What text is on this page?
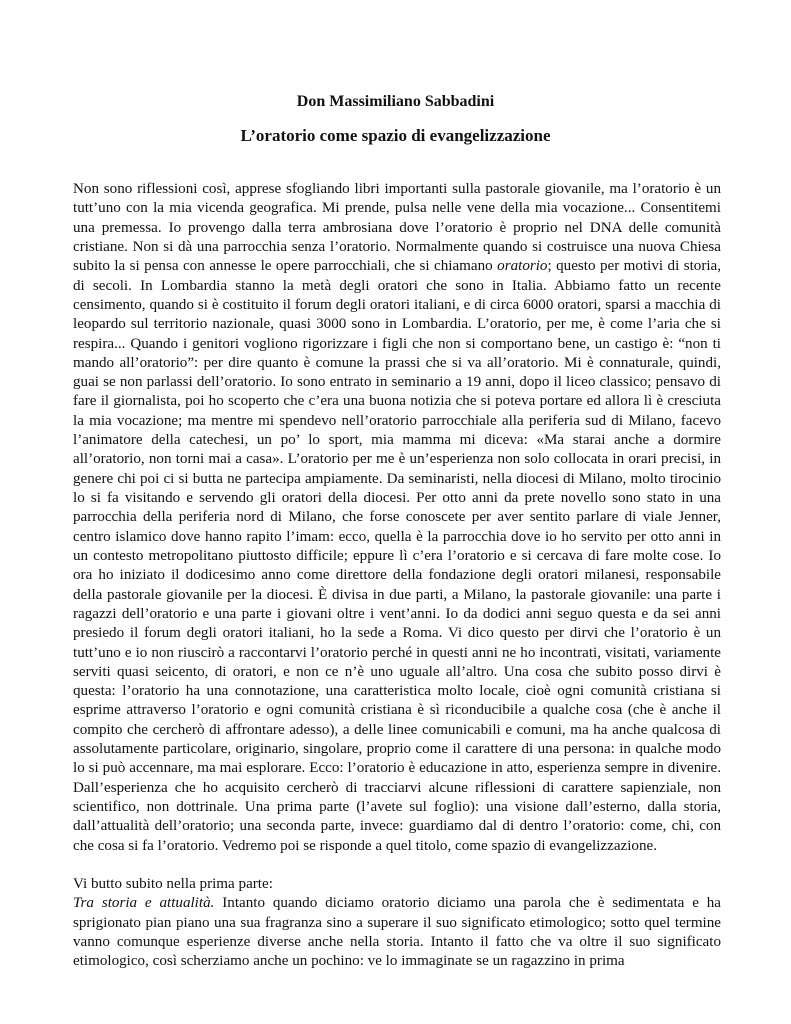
Don Massimiliano Sabbadini
L’oratorio come spazio di evangelizzazione

Non sono riflessioni così, apprese sfogliando libri importanti sulla pastorale giovanile, ma l’oratorio è un tutt’uno con la mia vicenda geografica. Mi prende, pulsa nelle vene della mia vocazione... Consentitemi una premessa. Io provengo dalla terra ambrosiana dove l’oratorio è proprio nel DNA delle comunità cristiane. Non si dà una parrocchia senza l’oratorio. Normalmente quando si costruisce una nuova Chiesa subito la si pensa con annesse le opere parrocchiali, che si chiamano oratorio; questo per motivi di storia, di secoli. In Lombardia stanno la metà degli oratori che sono in Italia. Abbiamo fatto un recente censimento, quando si è costituito il forum degli oratori italiani, e di circa 6000 oratori, sparsi a macchia di leopardo sul territorio nazionale, quasi 3000 sono in Lombardia. L’oratorio, per me, è come l’aria che si respira... Quando i genitori vogliono rigorizzare i figli che non si comportano bene, un castigo è: “non ti mando all’oratorio”: per dire quanto è comune la prassi che si va all’oratorio. Mi è connaturale, quindi, guai se non parlassi dell’oratorio. Io sono entrato in seminario a 19 anni, dopo il liceo classico; pensavo di fare il giornalista, poi ho scoperto che c’era una buona notizia che si poteva portare ed allora lì è cresciuta la mia vocazione; ma mentre mi spendevo nell’oratorio parrocchiale alla periferia sud di Milano, facevo l’animatore della catechesi, un po’ lo sport, mia mamma mi diceva: «Ma starai anche a dormire all’oratorio, non torni mai a casa». L’oratorio per me è un’esperienza non solo collocata in orari precisi, in genere chi poi ci si butta ne partecipa ampiamente. Da seminaristi, nella diocesi di Milano, molto tirocinio lo si fa visitando e servendo gli oratori della diocesi. Per otto anni da prete novello sono stato in una parrocchia della periferia nord di Milano, che forse conoscete per aver sentito parlare di viale Jenner, centro islamico dove hanno rapito l’imam: ecco, quella è la parrocchia dove io ho servito per otto anni in un contesto metropolitano piuttosto difficile; eppure lì c’era l’oratorio e si cercava di fare molte cose. Io ora ho iniziato il dodicesimo anno come direttore della fondazione degli oratori milanesi, responsabile della pastorale giovanile per la diocesi. È divisa in due parti, a Milano, la pastorale giovanile: una parte i ragazzi dell’oratorio e una parte i giovani oltre i vent’anni. Io da dodici anni seguo questa e da sei anni presiedo il forum degli oratori italiani, ho la sede a Roma. Vi dico questo per dirvi che l’oratorio è un tutt’uno e io non riuscirò a raccontarvi l’oratorio perché in questi anni ne ho incontrati, visitati, variamente serviti quasi seicento, di oratori, e non ce n’è uno uguale all’altro. Una cosa che subito posso dirvi è questa: l’oratorio ha una connotazione, una caratteristica molto locale, cioè ogni comunità cristiana si esprime attraverso l’oratorio e ogni comunità cristiana è sì riconducibile a qualche cosa (che è anche il compito che cercherò di affrontare adesso), a delle linee comunicabili e comuni, ma ha anche qualcosa di assolutamente particolare, originario, singolare, proprio come il carattere di una persona: in qualche modo lo si può accennare, ma mai esplorare. Ecco: l’oratorio è educazione in atto, esperienza sempre in divenire. Dall’esperienza che ho acquisito cercherò di tracciarvi alcune riflessioni di carattere sapienziale, non scientifico, non dottrinale. Una prima parte (l’avete sul foglio): una visione dall’esterno, dalla storia, dall’attualità dell’oratorio; una seconda parte, invece: guardiamo dal di dentro l’oratorio: come, chi, con che cosa si fa l’oratorio. Vedremo poi se risponde a quel titolo, come spazio di evangelizzazione.

Vi butto subito nella prima parte:

Tra storia e attualità. Intanto quando diciamo oratorio diciamo una parola che è sedimentata e ha sprigionato pian piano una sua fragranza sino a superare il suo significato etimologico; sotto quel termine vanno comunque esperienze diverse anche nella storia. Intanto il fatto che va oltre il suo significato etimologico, così scherziamo anche un pochino: ve lo immaginate se un ragazzino in prima
